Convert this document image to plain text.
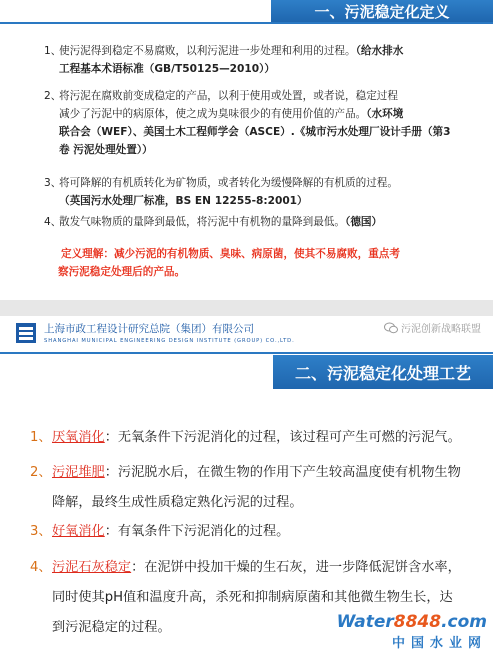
一、污泥稳定化定义
1、使污泥得到稳定不易腐败，以利污泥进一步处理和利用的过程。（给水排水
工程基本术语标准（GB/T50125—2010））
2、将污泥在腐败前变成稳定的产品，以利于使用或处置，或者说，稳定过程
减少了污泥中的病原体，使之成为臭味很少的有使用价值的产品。（水环境
联合会（WEF）、美国土木工程师学会（ASCE）.《城市污水处理厂设计手册（第3
卷 污泥处理处置））
3、将可降解的有机质转化为矿物质，或者转化为缓慢降解的有机质的过程。
（英国污水处理厂标准，BS EN 12255-8:2001）
4、散发气味物质的量降到最低，将污泥中有机物的量降到最低。（德国）
定义理解：减少污泥的有机物质、臭味、病原菌，使其不易腐败，重点考
察污泥稳定处理后的产品。
上海市政工程设计研究总院（集团）有限公司
SHANGHAI MUNICIPAL ENGINEERING DESIGN INSTITUTE (GROUP) CO.,LTD.
污泥创新战略联盟
二、污泥稳定化处理工艺
1、厌氧消化：无氧条件下污泥消化的过程，该过程可产生可燃的污泥气。
2、污泥堆肥：污泥脱水后，在微生物的作用下产生较高温度使有机物生物
降解，最终生成性质稳定熟化污泥的过程。
3、好氧消化：有氧条件下污泥消化的过程。
4、污泥石灰稳定：在泥饼中投加干燥的生石灰，进一步降低泥饼含水率，
同时使其pH值和温度升高，杀死和抑制病原菌和其他微生物生长，达
到污泥稳定的过程。	Water8848.com
中国水业网
